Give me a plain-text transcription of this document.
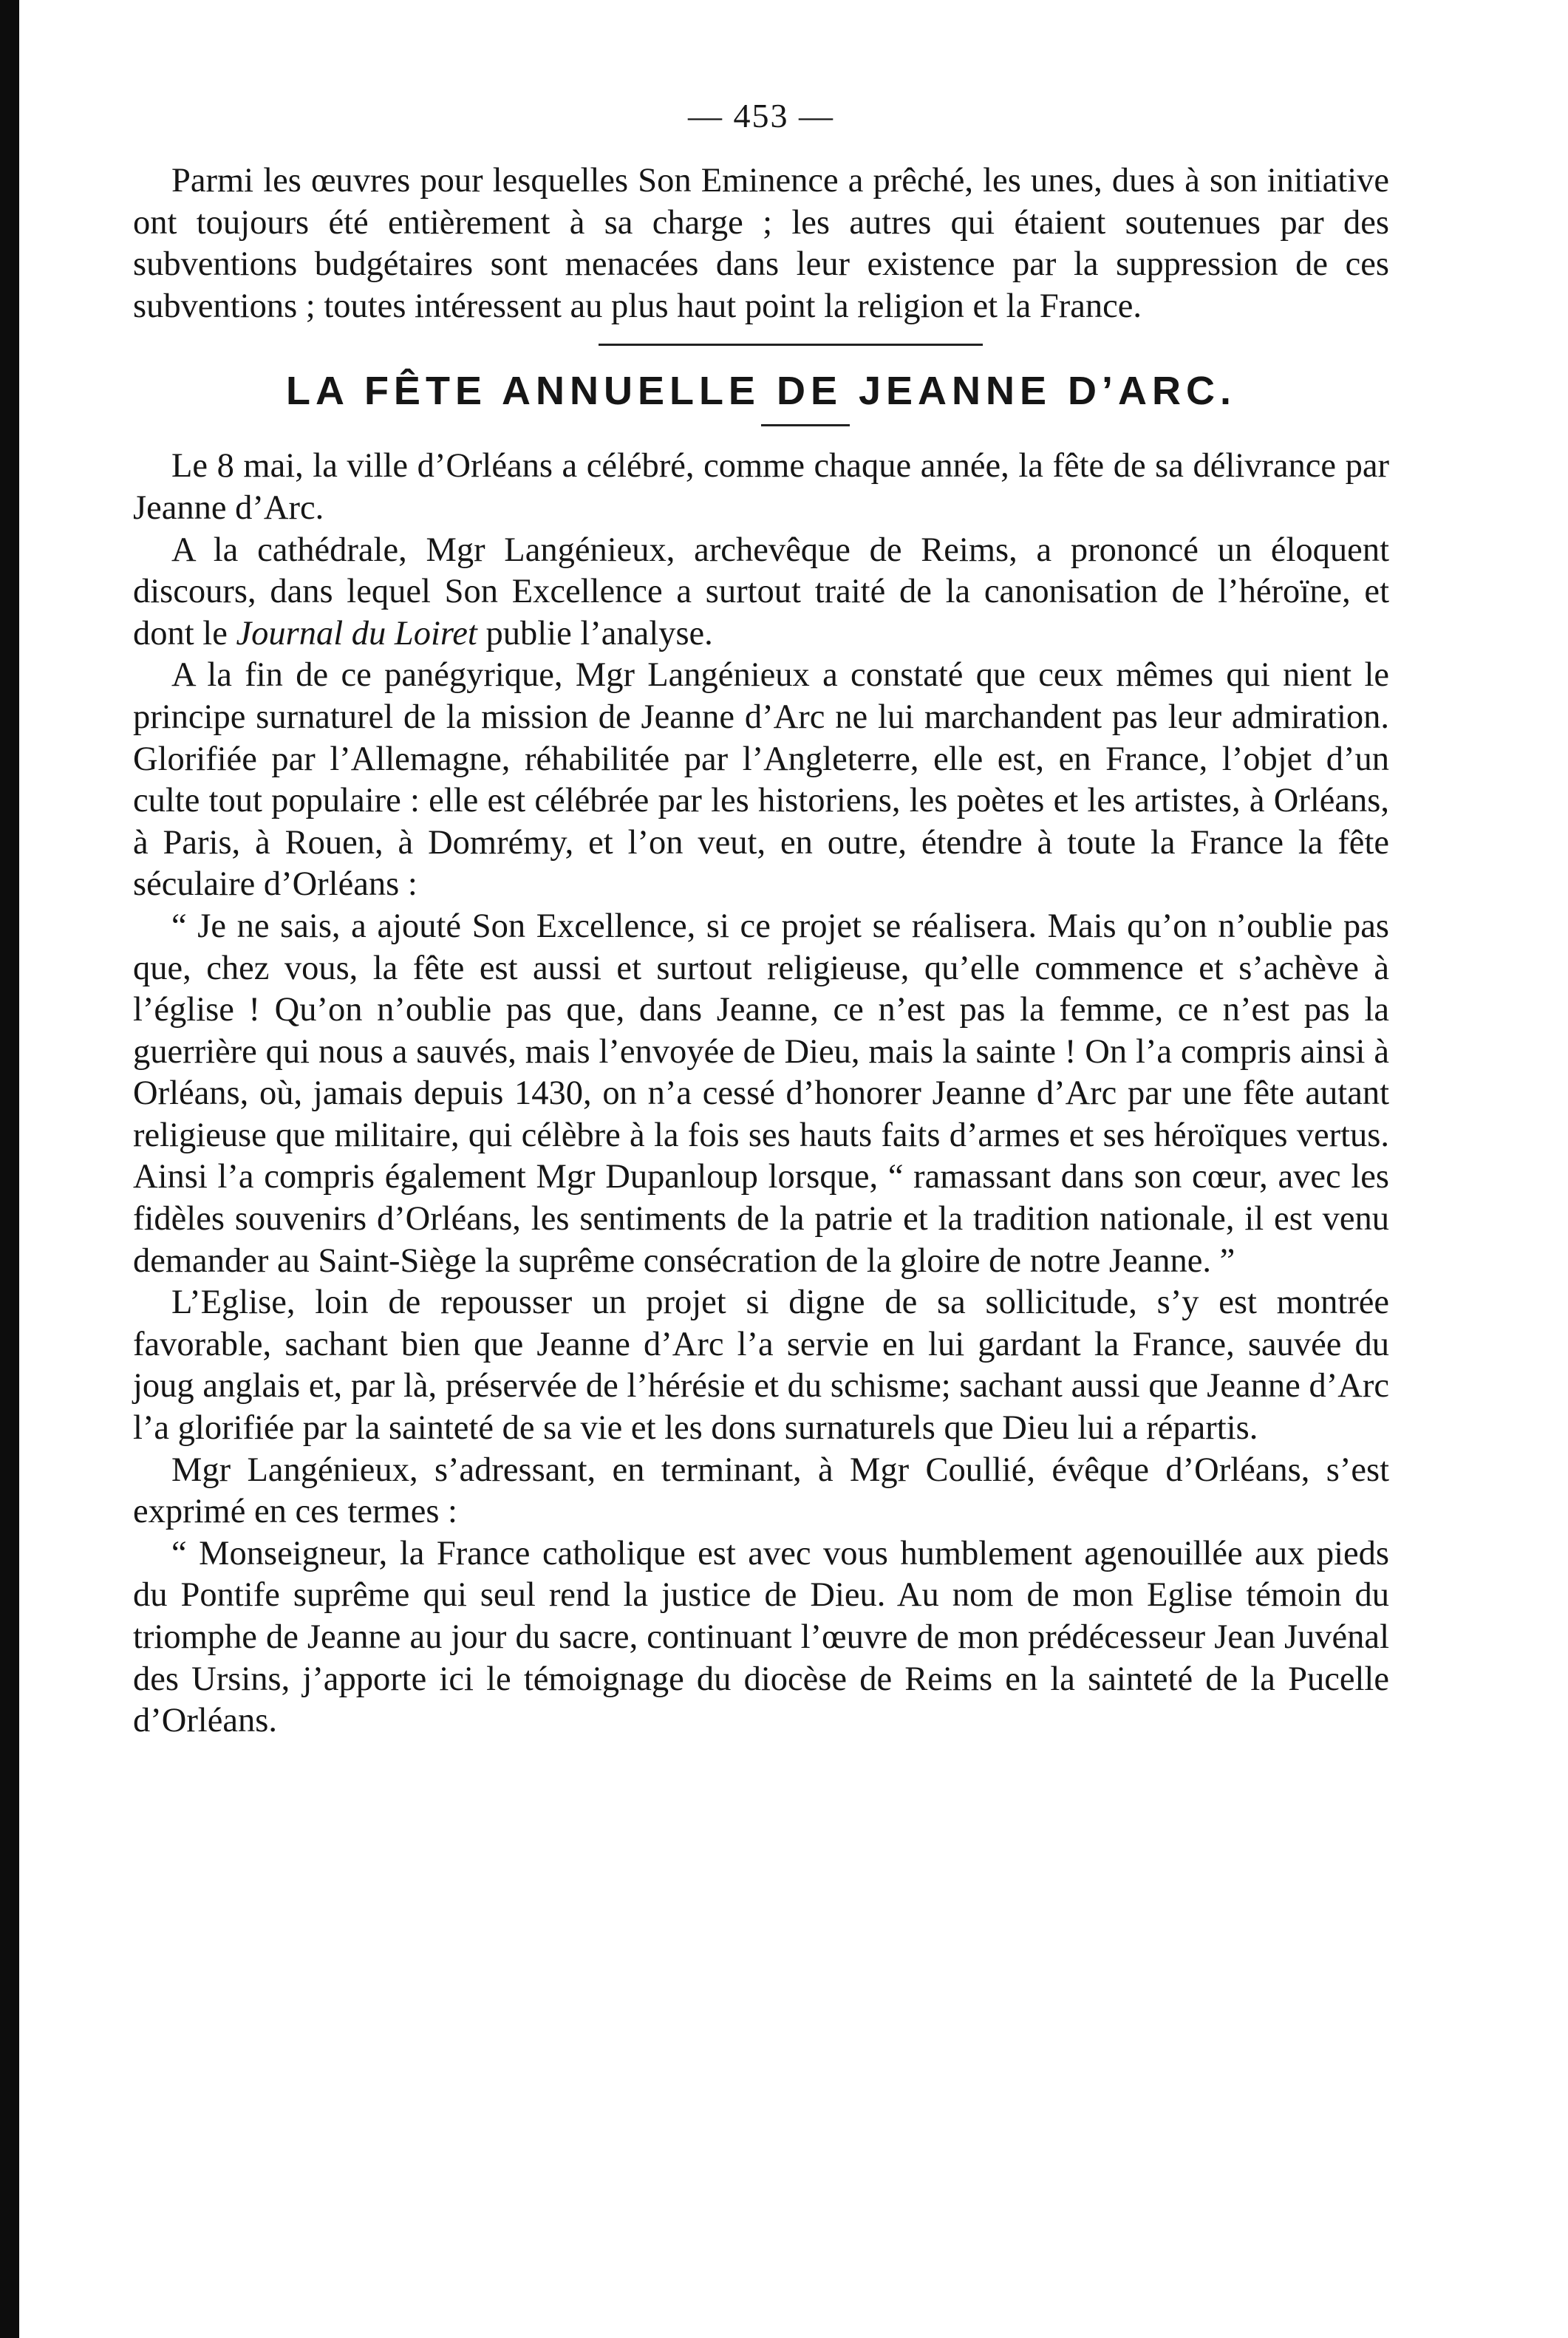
— 453 —

Parmi les œuvres pour lesquelles Son Eminence a prêché, les unes, dues à son initiative ont toujours été entièrement à sa charge ; les autres qui étaient soutenues par des subventions budgétaires sont menacées dans leur existence par la suppression de ces subventions ; toutes intéressent au plus haut point la religion et la France.

LA FÊTE ANNUELLE DE JEANNE D’ARC.

Le 8 mai, la ville d’Orléans a célébré, comme chaque année, la fête de sa délivrance par Jeanne d’Arc.

A la cathédrale, Mgr Langénieux, archevêque de Reims, a prononcé un éloquent discours, dans lequel Son Excellence a surtout traité de la canonisation de l’héroïne, et dont le Journal du Loiret publie l’analyse.

A la fin de ce panégyrique, Mgr Langénieux a constaté que ceux mêmes qui nient le principe surnaturel de la mission de Jeanne d’Arc ne lui marchandent pas leur admiration. Glorifiée par l’Allemagne, réhabilitée par l’Angleterre, elle est, en France, l’objet d’un culte tout populaire : elle est célébrée par les historiens, les poètes et les artistes, à Orléans, à Paris, à Rouen, à Domrémy, et l’on veut, en outre, étendre à toute la France la fête séculaire d’Orléans :

“ Je ne sais, a ajouté Son Excellence, si ce projet se réalisera. Mais qu’on n’oublie pas que, chez vous, la fête est aussi et surtout religieuse, qu’elle commence et s’achève à l’église ! Qu’on n’oublie pas que, dans Jeanne, ce n’est pas la femme, ce n’est pas la guerrière qui nous a sauvés, mais l’envoyée de Dieu, mais la sainte ! On l’a compris ainsi à Orléans, où, jamais depuis 1430, on n’a cessé d’honorer Jeanne d’Arc par une fête autant religieuse que militaire, qui célèbre à la fois ses hauts faits d’armes et ses héroïques vertus. Ainsi l’a compris également Mgr Dupanloup lorsque, “ ramassant dans son cœur, avec les fidèles souvenirs d’Orléans, les sentiments de la patrie et la tradition nationale, il est venu demander au Saint-Siège la suprême consécration de la gloire de notre Jeanne. ”

L’Eglise, loin de repousser un projet si digne de sa sollicitude, s’y est montrée favorable, sachant bien que Jeanne d’Arc l’a servie en lui gardant la France, sauvée du joug anglais et, par là, préservée de l’hérésie et du schisme; sachant aussi que Jeanne d’Arc l’a glorifiée par la sainteté de sa vie et les dons surnaturels que Dieu lui a répartis.

Mgr Langénieux, s’adressant, en terminant, à Mgr Coullié, évêque d’Orléans, s’est exprimé en ces termes :

“ Monseigneur, la France catholique est avec vous humblement agenouillée aux pieds du Pontife suprême qui seul rend la justice de Dieu. Au nom de mon Eglise témoin du triomphe de Jeanne au jour du sacre, continuant l’œuvre de mon prédécesseur Jean Juvénal des Ursins, j’apporte ici le témoignage du diocèse de Reims en la sainteté de la Pucelle d’Orléans.
